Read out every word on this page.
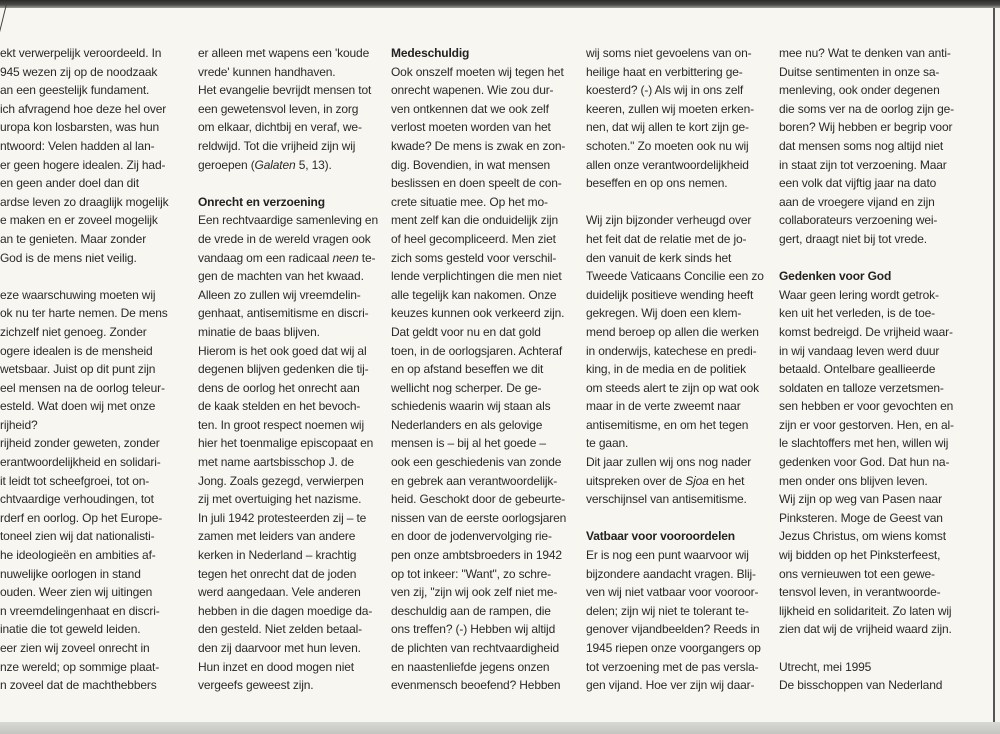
ekt verwerpelijk veroordeeld. In
945 wezen zij op de noodzaak
an een geestelijk fundament.
ich afvragend hoe deze hel over
uropa kon losbarsten, was hun
ntwoord: Velen hadden al lan-
er geen hogere idealen. Zij had-
en geen ander doel dan dit
ardse leven zo draaglijk mogelijk
e maken en er zoveel mogelijk
an te genieten. Maar zonder
God is de mens niet veilig.
eze waarschuwing moeten wij
ok nu ter harte nemen. De mens
zichzelf niet genoeg. Zonder
ogere idealen is de mensheid
wetsbaar. Juist op dit punt zijn
eel mensen na de oorlog teleur-
esteld. Wat doen wij met onze
rijheid?
rijheid zonder geweten, zonder
erantwoordelijkheid en solidari-
it leidt tot scheefgroei, tot on-
chtvaardige verhoudingen, tot
rderf en oorlog. Op het Europe-
toneel zien wij dat nationalisti-
he ideologieën en ambities af-
nuwelijke oorlogen in stand
ouden. Weer zien wij uitingen
n vreemdelingenhaat en discri-
inatie die tot geweld leiden.
eer zien wij zoveel onrecht in
nze wereld; op sommige plaat-
n zoveel dat de machthebbers
er alleen met wapens een 'koude
vrede' kunnen handhaven.
Het evangelie bevrijdt mensen tot
een gewetensvol leven, in zorg
om elkaar, dichtbij en veraf, we-
reldwijd. Tot die vrijheid zijn wij
geroepen (Galaten 5, 13).
Onrecht en verzoening
Een rechtvaardige samenleving en
de vrede in de wereld vragen ook
vandaag om een radicaal neen te-
gen de machten van het kwaad.
Alleen zo zullen wij vreemdelin-
genhaat, antisemitisme en discri-
minatie de baas blijven.
Hierom is het ook goed dat wij al
degenen blijven gedenken die tij-
dens de oorlog het onrecht aan
de kaak stelden en het bevoch-
ten. In groot respect noemen wij
hier het toenmalige episcopaat en
met name aartsbisschop J. de
Jong. Zoals gezegd, verwierpen
zij met overtuiging het nazisme.
In juli 1942 protesteerden zij – te
zamen met leiders van andere
kerken in Nederland – krachtig
tegen het onrecht dat de joden
werd aangedaan. Vele anderen
hebben in die dagen moedige da-
den gesteld. Niet zelden betaal-
den zij daarvoor met hun leven.
Hun inzet en dood mogen niet
vergeefs geweest zijn.
Medeschuldig
Ook onszelf moeten wij tegen het
onrecht wapenen. Wie zou dur-
ven ontkennen dat we ook zelf
verlost moeten worden van het
kwade? De mens is zwak en zon-
dig. Bovendien, in wat mensen
beslissen en doen speelt de con-
crete situatie mee. Op het mo-
ment zelf kan die onduidelijk zijn
of heel gecompliceerd. Men ziet
zich soms gesteld voor verschil-
lende verplichtingen die men niet
alle tegelijk kan nakomen. Onze
keuzes kunnen ook verkeerd zijn.
Dat geldt voor nu en dat gold
toen, in de oorlogsjaren. Achteraf
en op afstand beseffen we dit
wellicht nog scherper. De ge-
schiedenis waarin wij staan als
Nederlanders en als gelovige
mensen is – bij al het goede –
ook een geschiedenis van zonde
en gebrek aan verantwoordelijk-
heid. Geschokt door de gebeurte-
nissen van de eerste oorlogsjaren
en door de jodenvervolging rie-
pen onze ambtsbroeders in 1942
op tot inkeer: "Want", zo schre-
ven zij, "zijn wij ook zelf niet me-
deschuldig aan de rampen, die
ons treffen? (-) Hebben wij altijd
de plichten van rechtvaardigheid
en naastenliefde jegens onzen
evenmensch beoefend? Hebben
wij soms niet gevoelens van on-
heilige haat en verbittering ge-
koesterd? (-) Als wij in ons zelf
keeren, zullen wij moeten erken-
nen, dat wij allen te kort zijn ge-
schoten." Zo moeten ook nu wij
allen onze verantwoordelijkheid
beseffen en op ons nemen.
Wij zijn bijzonder verheugd over
het feit dat de relatie met de jo-
den vanuit de kerk sinds het
Tweede Vaticaans Concilie een zo
duidelijk positieve wending heeft
gekregen. Wij doen een klem-
mend beroep op allen die werken
in onderwijs, katechese en predi-
king, in de media en de politiek
om steeds alert te zijn op wat ook
maar in de verte zweemt naar
antisemitisme, en om het tegen
te gaan.
Dit jaar zullen wij ons nog nader
uitspreken over de Sjoa en het
verschijnsel van antisemitisme.
Vatbaar voor vooroordelen
Er is nog een punt waarvoor wij
bijzondere aandacht vragen. Blij-
ven wij niet vatbaar voor vooroor-
delen; zijn wij niet te tolerant te-
genover vijandbeelden? Reeds in
1945 riepen onze voorgangers op
tot verzoening met de pas versla-
gen vijand. Hoe ver zijn wij daar-
mee nu? Wat te denken van anti-
Duitse sentimenten in onze sa-
menleving, ook onder degenen
die soms ver na de oorlog zijn ge-
boren? Wij hebben er begrip voor
dat mensen soms nog altijd niet
in staat zijn tot verzoening. Maar
een volk dat vijftig jaar na dato
aan de vroegere vijand en zijn
collaborateurs verzoening wei-
gert, draagt niet bij tot vrede.
Gedenken voor God
Waar geen lering wordt getrok-
ken uit het verleden, is de toe-
komst bedreigd. De vrijheid waar-
in wij vandaag leven werd duur
betaald. Ontelbare geallieerde
soldaten en talloze verzetsmen-
sen hebben er voor gevochten en
zijn er voor gestorven. Hen, en al-
le slachtoffers met hen, willen wij
gedenken voor God. Dat hun na-
men onder ons blijven leven.
Wij zijn op weg van Pasen naar
Pinksteren. Moge de Geest van
Jezus Christus, om wiens komst
wij bidden op het Pinksterfeest,
ons vernieuwen tot een gewe-
tensvol leven, in verantwoorde-
lijkheid en solidariteit. Zo laten wij
zien dat wij de vrijheid waard zijn.
Utrecht, mei 1995
De bisschoppen van Nederland
